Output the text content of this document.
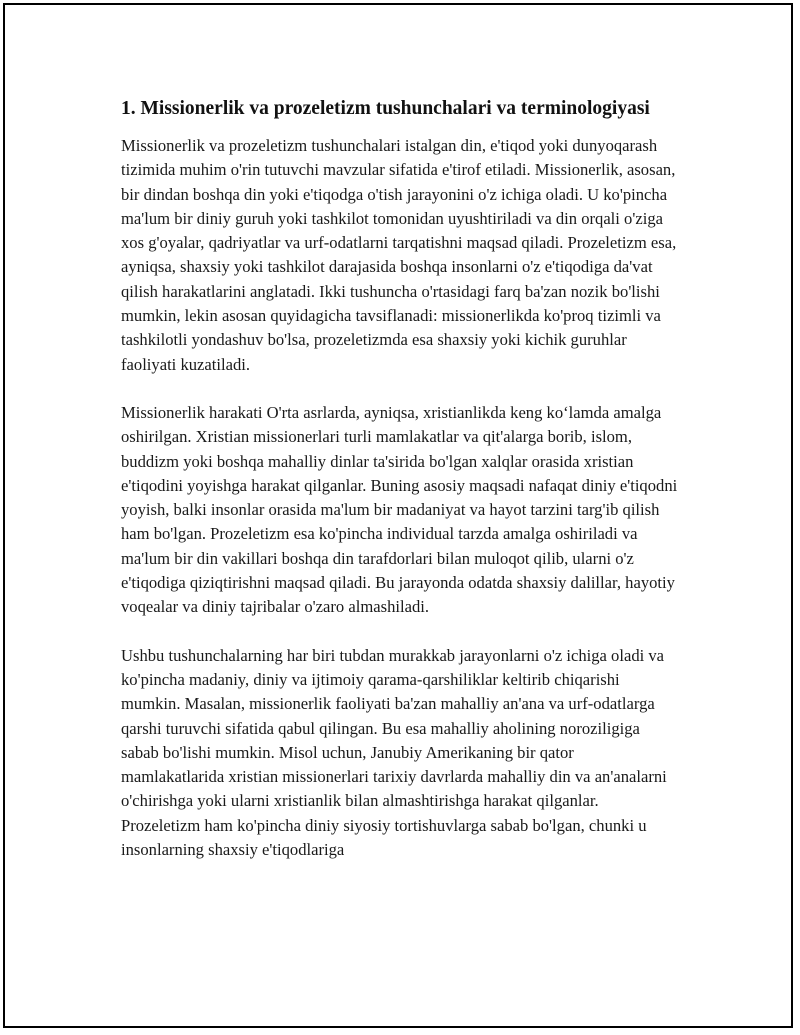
1. Missionerlik va prozeletizm tushunchalari va terminologiyasi

Missionerlik va prozeletizm tushunchalari istalgan din, e'tiqod yoki dunyoqarash tizimida muhim o'rin tutuvchi mavzular sifatida e'tirof etiladi. Missionerlik, asosan, bir dindan boshqa din yoki e'tiqodga o'tish jarayonini o'z ichiga oladi. U ko'pincha ma'lum bir diniy guruh yoki tashkilot tomonidan uyushtiriladi va din orqali o'ziga xos g'oyalar, qadriyatlar va urf-odatlarni tarqatishni maqsad qiladi. Prozeletizm esa, ayniqsa, shaxsiy yoki tashkilot darajasida boshqa insonlarni o'z e'tiqodiga da'vat qilish harakatlarini anglatadi. Ikki tushuncha o'rtasidagi farq ba'zan nozik bo'lishi mumkin, lekin asosan quyidagicha tavsiflanadi: missionerlikda ko'proq tizimli va tashkilotli yondashuv bo'lsa, prozeletizmda esa shaxsiy yoki kichik guruhlar faoliyati kuzatiladi.

Missionerlik harakati O'rta asrlarda, ayniqsa, xristianlikda keng ko‘lamda amalga oshirilgan. Xristian missionerlari turli mamlakatlar va qit'alarga borib, islom, buddizm yoki boshqa mahalliy dinlar ta'sirida bo'lgan xalqlar orasida xristian e'tiqodini yoyishga harakat qilganlar. Buning asosiy maqsadi nafaqat diniy e'tiqodni yoyish, balki insonlar orasida ma'lum bir madaniyat va hayot tarzini targ'ib qilish ham bo'lgan. Prozeletizm esa ko'pincha individual tarzda amalga oshiriladi va ma'lum bir din vakillari boshqa din tarafdorlari bilan muloqot qilib, ularni o'z e'tiqodiga qiziqtirishni maqsad qiladi. Bu jarayonda odatda shaxsiy dalillar, hayotiy voqealar va diniy tajribalar o'zaro almashiladi.

Ushbu tushunchalarning har biri tubdan murakkab jarayonlarni o'z ichiga oladi va ko'pincha madaniy, diniy va ijtimoiy qarama-qarshiliklar keltirib chiqarishi mumkin. Masalan, missionerlik faoliyati ba'zan mahalliy an'ana va urf-odatlarga qarshi turuvchi sifatida qabul qilingan. Bu esa mahalliy aholining noroziligiga sabab bo'lishi mumkin. Misol uchun, Janubiy Amerikaning bir qator mamlakatlarida xristian missionerlari tarixiy davrlarda mahalliy din va an'analarni o'chirishga yoki ularni xristianlik bilan almashtirishga harakat qilganlar. Prozeletizm ham ko'pincha diniy siyosiy tortishuvlarga sabab bo'lgan, chunki u insonlarning shaxsiy e'tiqodlariga
